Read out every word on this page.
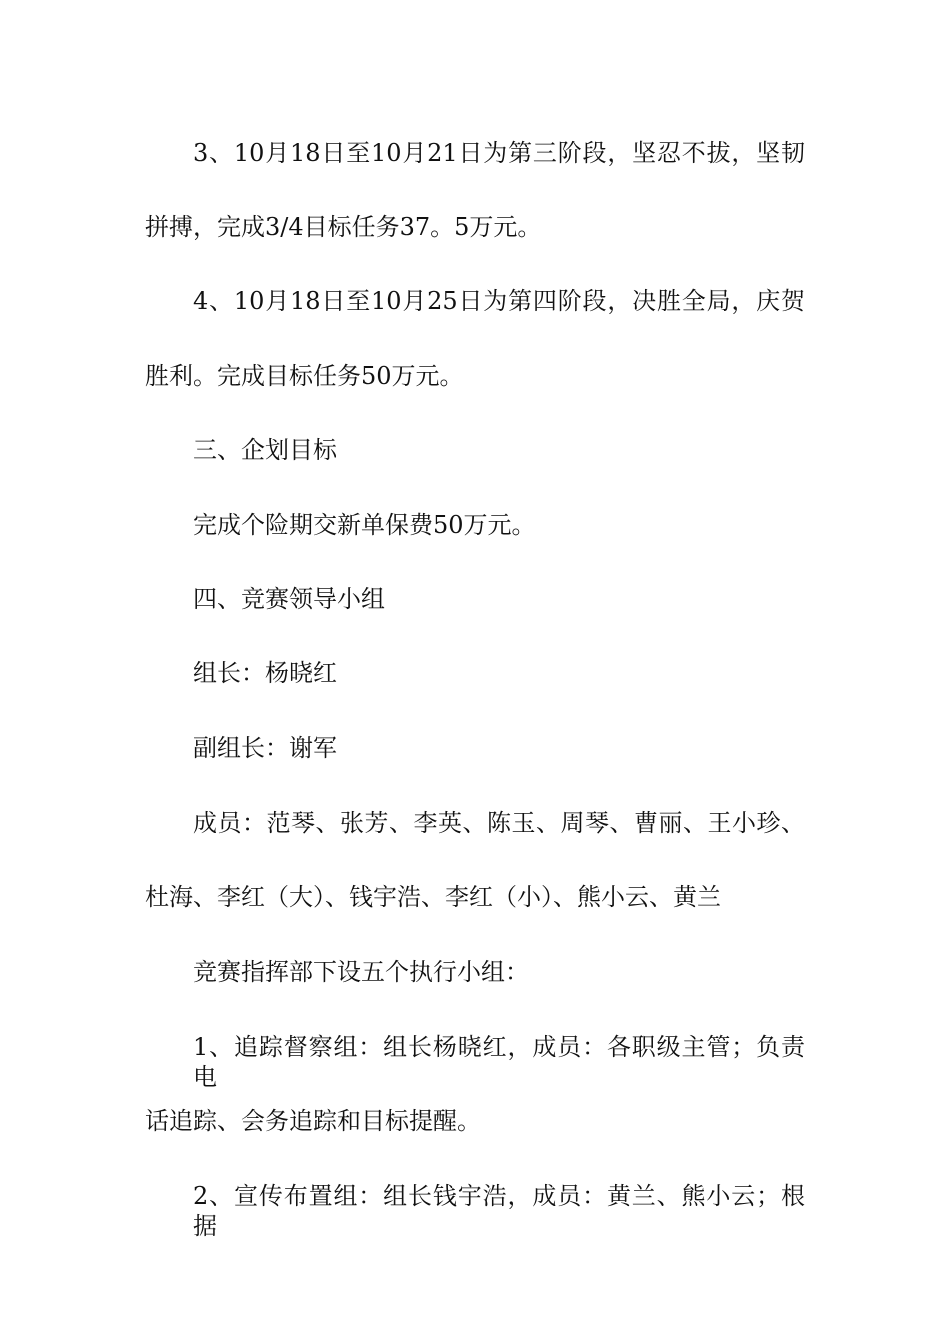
3、10月18日至10月21日为第三阶段，坚忍不拔，坚韧
拼搏，完成3/4目标任务37。5万元。
4、10月18日至10月25日为第四阶段，决胜全局，庆贺
胜利。完成目标任务50万元。
三、企划目标
完成个险期交新单保费50万元。
四、竞赛领导小组
组长：杨晓红
副组长：谢军
成员：范琴、张芳、李英、陈玉、周琴、曹丽、王小珍、
杜海、李红（大）、钱宇浩、李红（小）、熊小云、黄兰
竞赛指挥部下设五个执行小组：
1、追踪督察组：组长杨晓红，成员：各职级主管；负责电
话追踪、会务追踪和目标提醒。
2、宣传布置组：组长钱宇浩，成员：黄兰、熊小云；根据
